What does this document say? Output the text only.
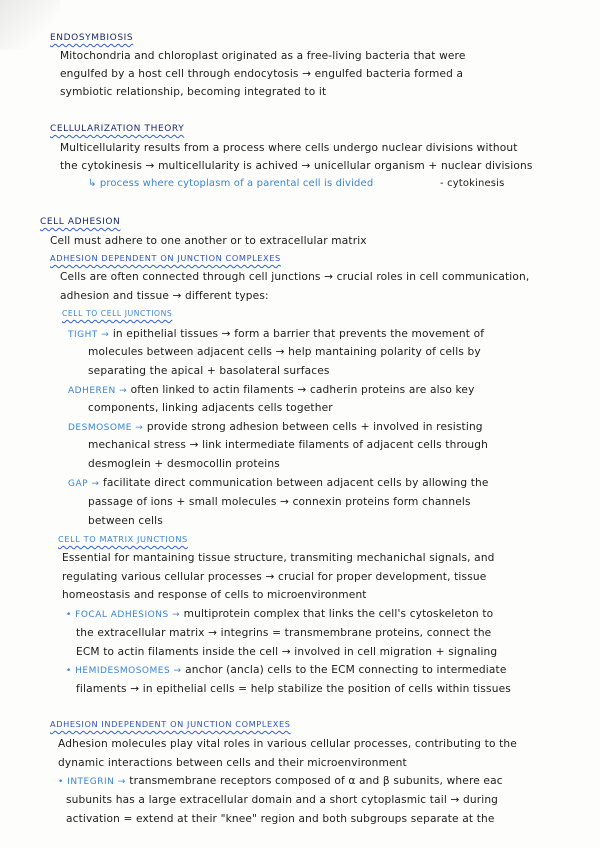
ENDOSYMBIOSIS
Mitochondria and chloroplast originated as a free-living bacteria that were
engulfed by a host cell through endocytosis → engulfed bacteria formed a
symbiotic relationship, becoming integrated to it
CELLULARIZATION THEORY
Multicellularity results from a process where cells undergo nuclear divisions without
the cytokinesis → multicellularity is achived → unicellular organism + nuclear divisions
↳ process where cytoplasm of a parental cell is divided	- cytokinesis
CELL ADHESION
Cell must adhere to one another or to extracellular matrix
ADHESION DEPENDENT ON JUNCTION COMPLEXES
Cells are often connected through cell junctions → crucial roles in cell communication,
adhesion and tissue → different types:
CELL TO CELL JUNCTIONS
TIGHT → in epithelial tissues → form a barrier that prevents the movement of
molecules between adjacent cells → help mantaining polarity of cells by
separating the apical + basolateral surfaces
ADHEREN → often linked to actin filaments → cadherin proteins are also key
components, linking adjacents cells together
DESMOSOME → provide strong adhesion between cells + involved in resisting
mechanical stress → link intermediate filaments of adjacent cells through
desmoglein + desmocollin proteins
GAP → facilitate direct communication between adjacent cells by allowing the
passage of ions + small molecules → connexin proteins form channels
between cells
CELL TO MATRIX JUNCTIONS
Essential for mantaining tissue structure, transmiting mechanichal signals, and
regulating various cellular processes → crucial for proper development, tissue
homeostasis and response of cells to microenvironment
• FOCAL ADHESIONS → multiprotein complex that links the cell's cytoskeleton to
the extracellular matrix → integrins = transmembrane proteins, connect the
ECM to actin filaments inside the cell → involved in cell migration + signaling
• HEMIDESMOSOMES → anchor (ancla) cells to the ECM connecting to intermediate
filaments → in epithelial cells = help stabilize the position of cells within tissues
ADHESION INDEPENDENT ON JUNCTION COMPLEXES
Adhesion molecules play vital roles in various cellular processes, contributing to the
dynamic interactions between cells and their microenvironment
• INTEGRIN → transmembrane receptors composed of α and β subunits, where eac
subunits has a large extracellular domain and a short cytoplasmic tail → during
activation = extend at their "knee" region and both subgroups separate at the
